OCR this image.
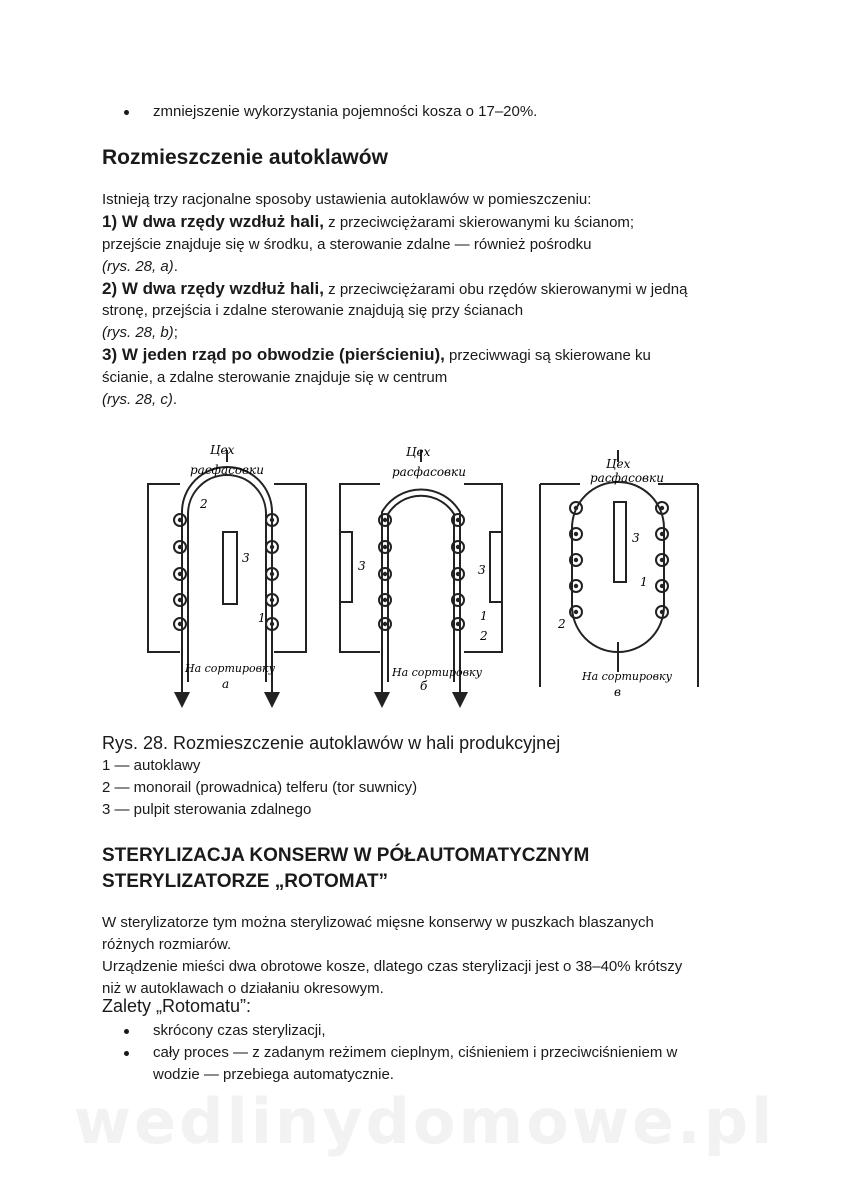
zmniejszenie wykorzystania pojemności kosza o 17–20%.
Rozmieszczenie autoklawów

Istnieją trzy racjonalne sposoby ustawienia autoklawów w pomieszczeniu:

1) W dwa rzędy wzdłuż hali, z przeciwciężarami skierowanymi ku ścianom;

przejście znajduje się w środku, a sterowanie zdalne — również pośrodku

(rys. 28, a).

2) W dwa rzędy wzdłuż hali, z przeciwciężarami obu rzędów skierowanymi w jedną

stronę, przejścia i zdalne sterowanie znajdują się przy ścianach

(rys. 28, b);

3) W jeden rząd po obwodzie (pierścieniu), przeciwwagi są skierowane ku

ścianie, a zdalne sterowanie znajduje się w centrum

(rys. 28, c).

Цех
расфасовки
На сортировку
а
2
3
1
Цех
расфасовки
На сортировку
б
3	3
1
2
Цех
расфасовки
На сортировку
в
3
1
2
Rys. 28. Rozmieszczenie autoklawów w hali produkcyjnej
1 — autoklawy
2 — monorail (prowadnica) telferu (tor suwnicy)
3 — pulpit sterowania zdalnego
STERYLIZACJA KONSERW W PÓŁAUTOMATYCZNYM STERYLIZATORZE „ROTOMAT”

W sterylizatorze tym można sterylizować mięsne konserwy w puszkach blaszanych

różnych rozmiarów.

Urządzenie mieści dwa obrotowe kosze, dlatego czas sterylizacji jest o 38–40% krótszy

niż w autoklawach o działaniu okresowym.

Zalety „Rotomatu”:
skrócony czas sterylizacji,
cały proces — z zadanym reżimem cieplnym, ciśnieniem i przeciwciśnieniem w
wodzie — przebiega automatycznie.
wedlinydomowe.pl
